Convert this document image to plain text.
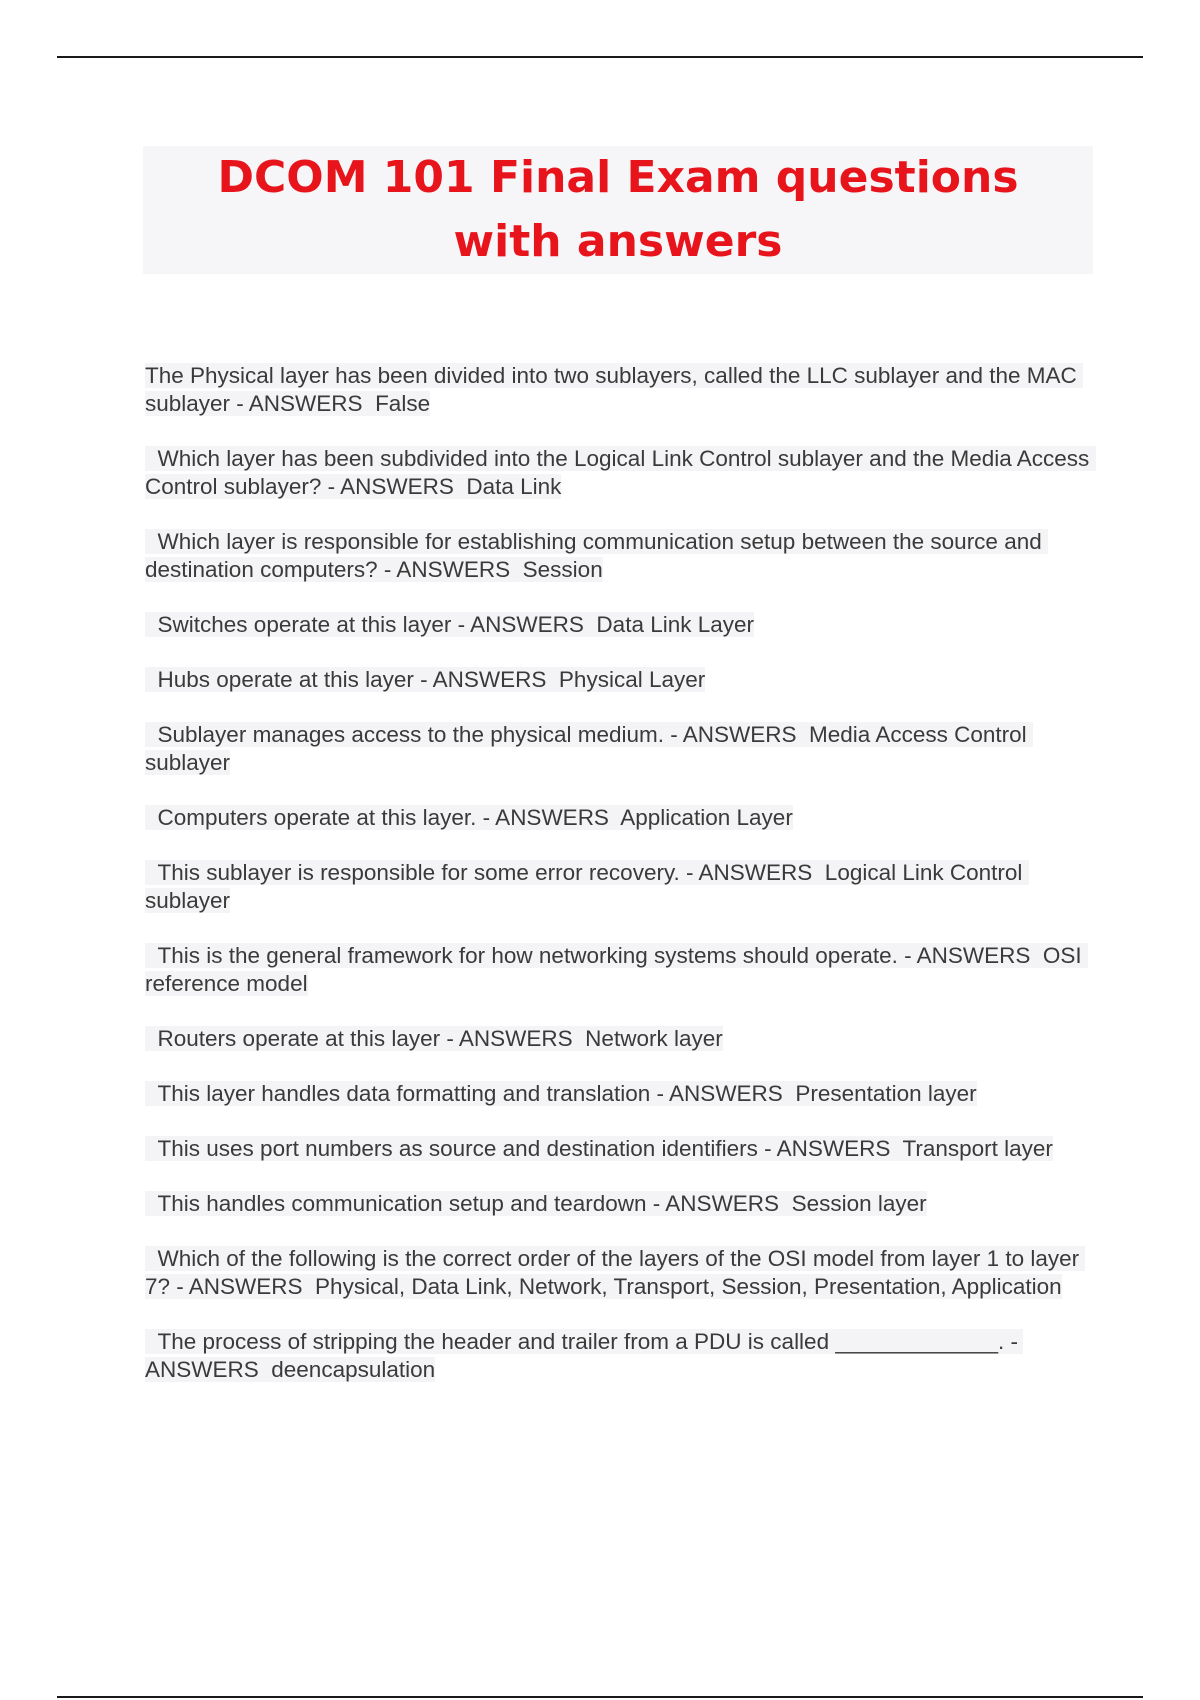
DCOM 101 Final Exam questions with answers
The Physical layer has been divided into two sublayers, called the LLC sublayer and the MAC sublayer - ANSWERS  False
Which layer has been subdivided into the Logical Link Control sublayer and the Media Access Control sublayer? - ANSWERS  Data Link
Which layer is responsible for establishing communication setup between the source and destination computers? - ANSWERS  Session
Switches operate at this layer - ANSWERS  Data Link Layer
Hubs operate at this layer - ANSWERS  Physical Layer
Sublayer manages access to the physical medium. - ANSWERS  Media Access Control sublayer
Computers operate at this layer. - ANSWERS  Application Layer
This sublayer is responsible for some error recovery. - ANSWERS  Logical Link Control sublayer
This is the general framework for how networking systems should operate. - ANSWERS  OSI reference model
Routers operate at this layer - ANSWERS  Network layer
This layer handles data formatting and translation - ANSWERS  Presentation layer
This uses port numbers as source and destination identifiers - ANSWERS  Transport layer
This handles communication setup and teardown - ANSWERS  Session layer
Which of the following is the correct order of the layers of the OSI model from layer 1 to layer 7? - ANSWERS  Physical, Data Link, Network, Transport, Session, Presentation, Application
The process of stripping the header and trailer from a PDU is called _____________. - ANSWERS  deencapsulation
